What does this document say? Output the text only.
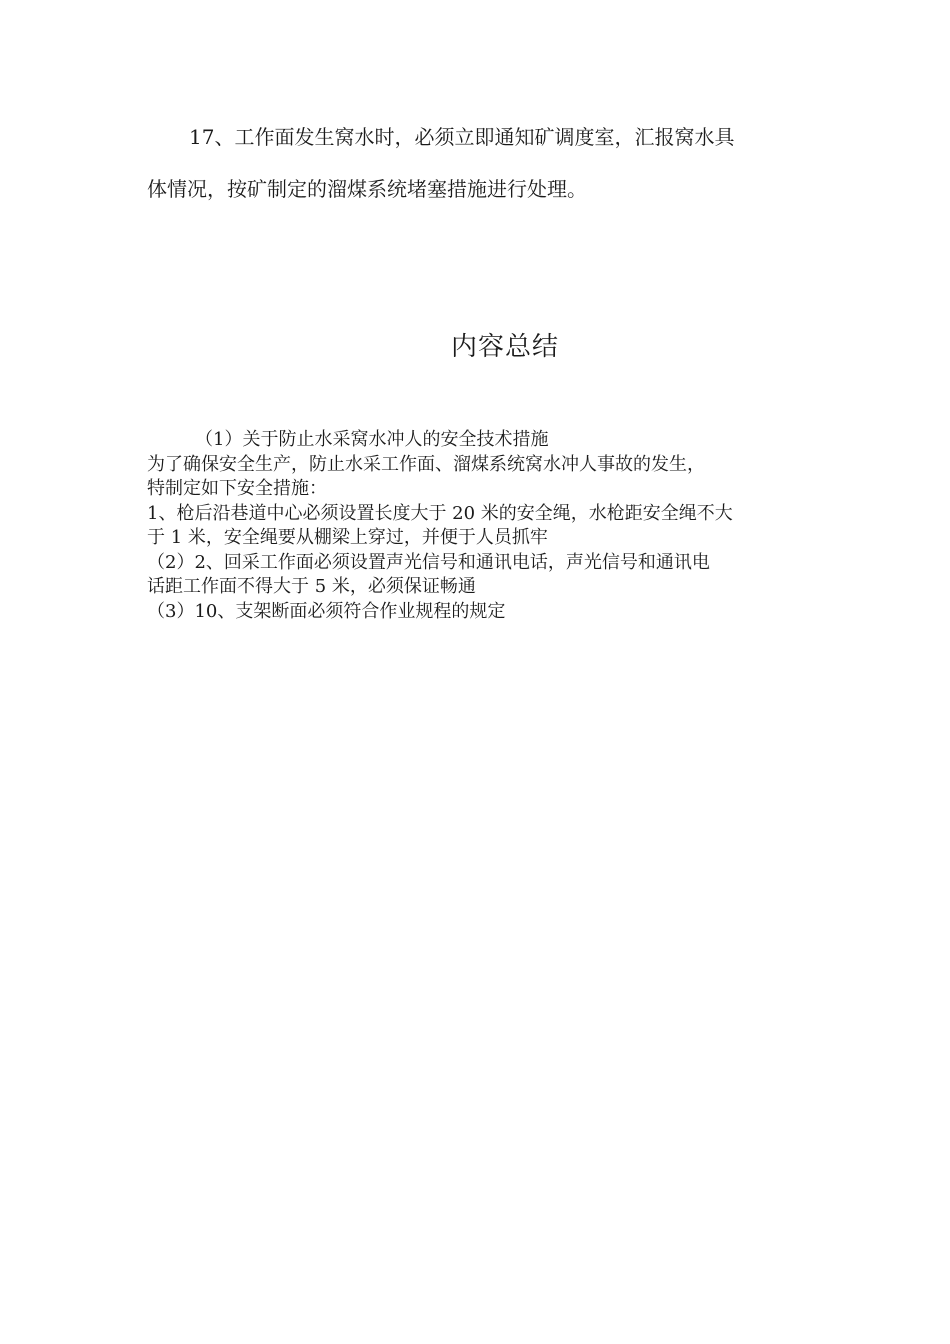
17、工作面发生窝水时，必须立即通知矿调度室，汇报窝水具
体情况，按矿制定的溜煤系统堵塞措施进行处理。
内容总结

（1）关于防止水采窝水冲人的安全技术措施

为了确保安全生产，防止水采工作面、溜煤系统窝水冲人事故的发生，

特制定如下安全措施：

1、枪后沿巷道中心必须设置长度大于 20 米的安全绳，水枪距安全绳不大

于 1 米，安全绳要从棚梁上穿过，并便于人员抓牢

（2）2、回采工作面必须设置声光信号和通讯电话，声光信号和通讯电

话距工作面不得大于 5 米，必须保证畅通

（3）10、支架断面必须符合作业规程的规定
